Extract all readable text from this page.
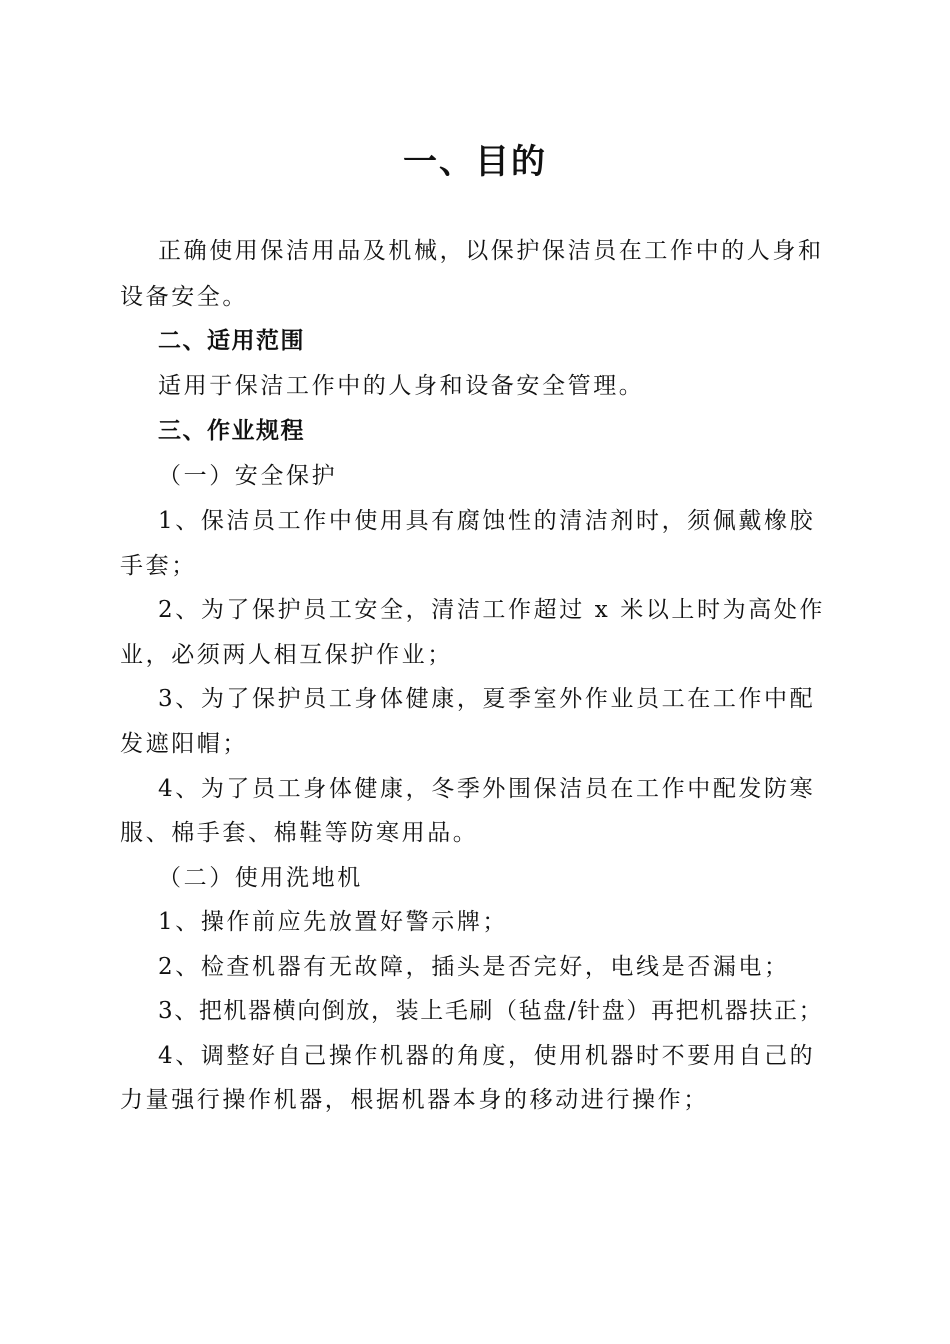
一、目的
正确使用保洁用品及机械，以保护保洁员在工作中的人身和
设备安全。
二、适用范围
适用于保洁工作中的人身和设备安全管理。
三、作业规程
（一）安全保护
1、保洁员工作中使用具有腐蚀性的清洁剂时，须佩戴橡胶
手套；
2、为了保护员工安全，清洁工作超过 x 米以上时为高处作
业，必须两人相互保护作业；
3、为了保护员工身体健康，夏季室外作业员工在工作中配
发遮阳帽；
4、为了员工身体健康，冬季外围保洁员在工作中配发防寒
服、棉手套、棉鞋等防寒用品。
（二）使用洗地机
1、操作前应先放置好警示牌；
2、检查机器有无故障，插头是否完好，电线是否漏电；
3、把机器横向倒放，装上毛刷（毡盘/针盘）再把机器扶正；
4、调整好自己操作机器的角度，使用机器时不要用自己的
力量强行操作机器，根据机器本身的移动进行操作；
